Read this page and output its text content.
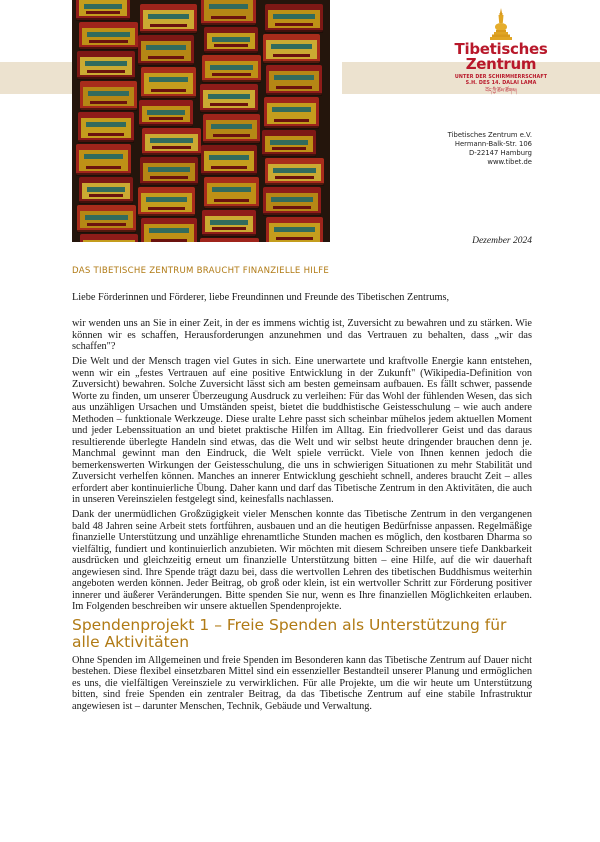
Tibetisches
Zentrum
UNTER DER SCHIRMHERRSCHAFT
S.H. DES 14. DALAI LAMA
བོད་ཀྱི་ཆོས་ཚོགས།
Tibetisches Zentrum e.V.
Hermann-Balk-Str. 106
D-22147 Hamburg
www.tibet.de
Dezember 2024
DAS TIBETISCHE ZENTRUM BRAUCHT FINANZIELLE HILFE
Liebe Förderinnen und Förderer, liebe Freundinnen und Freunde des Tibetischen Zentrums,

wir wenden uns an Sie in einer Zeit, in der es immens wichtig ist, Zuversicht zu bewahren und zu stärken. Wie können wir es schaffen, Herausforderungen anzunehmen und das Vertrauen zu behalten, dass „wir das schaffen"?

Die Welt und der Mensch tragen viel Gutes in sich. Eine unerwartete und kraftvolle Energie kann entstehen, wenn wir ein „festes Vertrauen auf eine positive Entwicklung in der Zukunft" (Wikipedia-Definition von Zuversicht) bewahren. Solche Zuversicht lässt sich am besten gemeinsam aufbauen. Es fällt schwer, passende Worte zu finden, um unserer Überzeugung Ausdruck zu verleihen: Für das Wohl der fühlenden Wesen, das sich aus unzähligen Ursachen und Umständen speist, bietet die buddhistische Geistesschulung – wie auch andere Methoden – funktionale Werkzeuge. Diese uralte Lehre passt sich scheinbar mühelos jedem aktuellen Moment und jeder Lebenssituation an und bietet praktische Hilfen im Alltag. Ein friedvollerer Geist und das daraus resultierende überlegte Handeln sind etwas, das die Welt und wir selbst heute dringender brauchen denn je. Manchmal gewinnt man den Eindruck, die Welt spiele verrückt. Viele von Ihnen kennen jedoch die bemerkenswerten Wirkungen der Geistesschulung, die uns in schwierigen Situationen zu mehr Stabilität und Zuversicht verhelfen können. Manches an innerer Entwicklung geschieht schnell, anderes braucht Zeit – alles erfordert aber kontinuierliche Übung. Daher kann und darf das Tibetische Zentrum in den Aktivitäten, die auch in unseren Vereinszielen festgelegt sind, keinesfalls nachlassen.

Dank der unermüdlichen Großzügigkeit vieler Menschen konnte das Tibetische Zentrum in den vergangenen bald 48 Jahren seine Arbeit stets fortführen, ausbauen und an die heutigen Bedürfnisse anpassen. Regelmäßige finanzielle Unterstützung und unzählige ehrenamtliche Stunden machen es möglich, den kostbaren Dharma so vielfältig, fundiert und kontinuierlich anzubieten. Wir möchten mit diesem Schreiben unsere tiefe Dankbarkeit ausdrücken und gleichzeitig erneut um finanzielle Unterstützung bitten – eine Hilfe, auf die wir dauerhaft angewiesen sind. Ihre Spende trägt dazu bei, dass die wertvollen Lehren des tibetischen Buddhismus weiterhin angeboten werden können. Jeder Beitrag, ob groß oder klein, ist ein wertvoller Schritt zur Förderung positiver innerer und äußerer Veränderungen. Bitte spenden Sie nur, wenn es Ihre finanziellen Möglichkeiten erlauben. Im Folgenden beschreiben wir unsere aktuellen Spendenprojekte.

Spendenprojekt 1 – Freie Spenden als Unterstützung für alle Aktivitäten

Ohne Spenden im Allgemeinen und freie Spenden im Besonderen kann das Tibetische Zentrum auf Dauer nicht bestehen. Diese flexibel einsetzbaren Mittel sind ein essenzieller Bestandteil unserer Planung und ermöglichen es uns, die vielfältigen Vereinsziele zu verwirklichen. Für alle Projekte, um die wir heute um Unterstützung bitten, sind freie Spenden ein zentraler Beitrag, da das Tibetische Zentrum auf eine stabile Infrastruktur angewiesen ist – darunter Menschen, Technik, Gebäude und Verwaltung.
